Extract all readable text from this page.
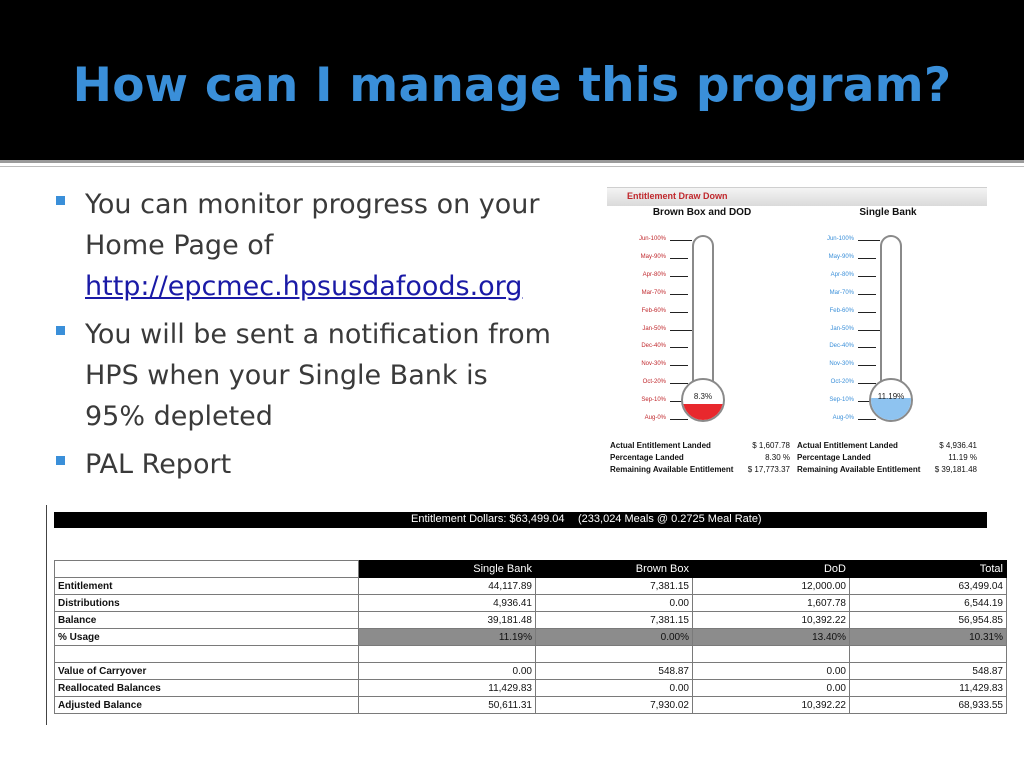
How can I manage this program?
You can monitor progress on your Home Page of
http://epcmec.hpsusdafoods.org
You will be sent a notification from HPS when your Single Bank is 95% depleted
PAL Report
Entitlement Draw Down
Brown Box and DOD
Jun-100%
May-90%
Apr-80%
Mar-70%
Feb-60%
Jan-50%
Dec-40%
Nov-30%
Oct-20%
Sep-10%
Aug-0%
8.3%
Single Bank
Jun-100%
May-90%
Apr-80%
Mar-70%
Feb-60%
Jan-50%
Dec-40%
Nov-30%
Oct-20%
Sep-10%
Aug-0%
11.19%
Actual Entitlement Landed	$ 1,607.78
Percentage Landed	8.30 %
Remaining Available Entitlement $ 17,773.37
Actual Entitlement Landed	$ 4,936.41
Percentage Landed	11.19 %
Remaining Available Entitlement $ 39,181.48
Entitlement Dollars: $63,499.04 (233,024 Meals @ 0.2725 Meal Rate)
	Single Bank	Brown Box	DoD	Total
Entitlement	44,117.89	7,381.15	12,000.00	63,499.04
Distributions	4,936.41	0.00	1,607.78	6,544.19
Balance	39,181.48	7,381.15	10,392.22	56,954.85
% Usage	11.19%	0.00%	13.40%	10.31%

Value of Carryover	0.00	548.87	0.00	548.87
Reallocated Balances	11,429.83	0.00	0.00	11,429.83
Adjusted Balance	50,611.31	7,930.02	10,392.22	68,933.55
